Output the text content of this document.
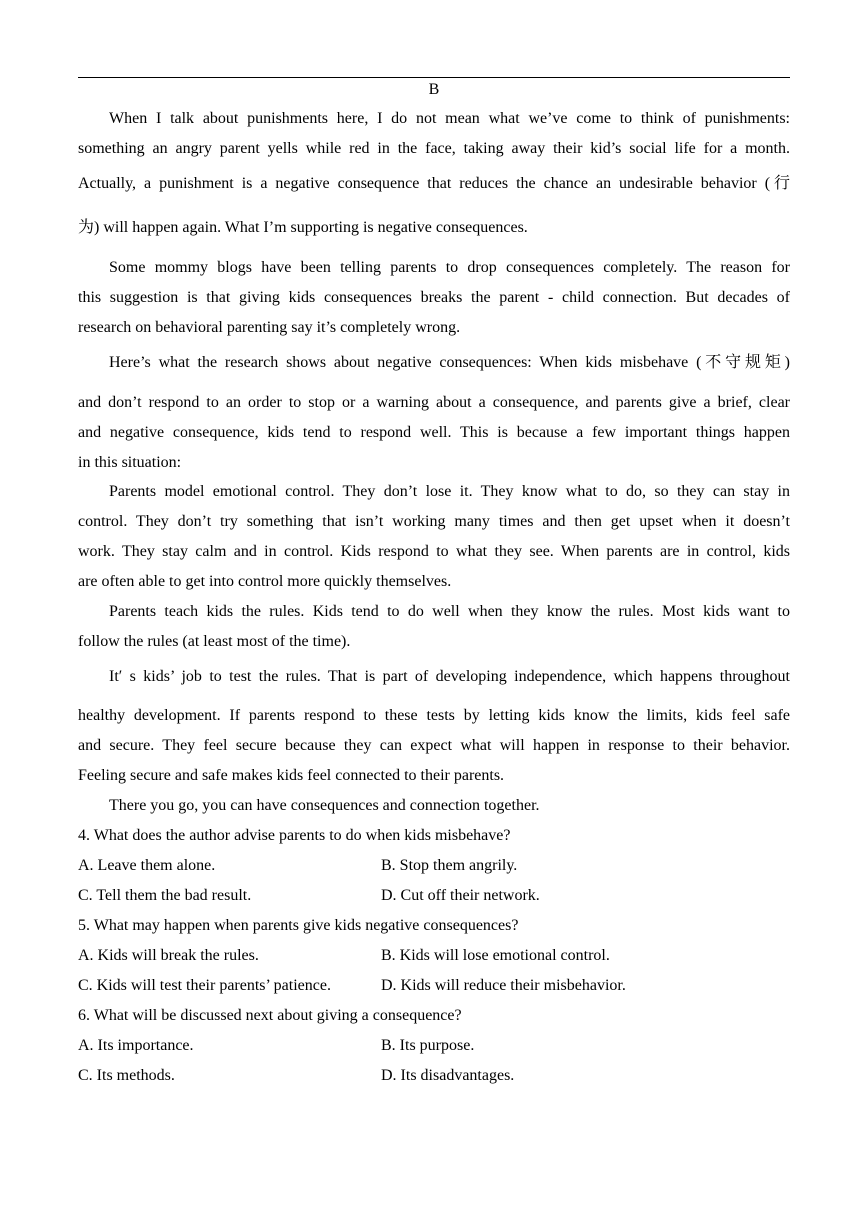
B
When I talk about punishments here, I do not mean what we’ve come to think of punishments:
something an angry parent yells while red in the face, taking away their kid’s social life for a month.
Actually, a punishment is a negative consequence that reduces the chance an undesirable behavior (行
为) will happen again. What I’m supporting is negative consequences.
Some mommy blogs have been telling parents to drop consequences completely. The reason for
this suggestion is that giving kids consequences breaks the parent - child connection. But decades of
research on behavioral parenting say it’s completely wrong.
Here’s what the research shows about negative consequences: When kids misbehave (不守规矩)
and don’t respond to an order to stop or a warning about a consequence, and parents give a brief, clear
and negative consequence, kids tend to respond well. This is because a few important things happen
in this situation:
Parents model emotional control. They don’t lose it. They know what to do, so they can stay in
control. They don’t try something that isn’t working many times and then get upset when it doesn’t
work. They stay calm and in control. Kids respond to what they see. When parents are in control, kids
are often able to get into control more quickly themselves.
Parents teach kids the rules. Kids tend to do well when they know the rules. Most kids want to
follow the rules (at least most of the time).
It′ s kids’ job to test the rules. That is part of developing independence, which happens throughout
healthy development. If parents respond to these tests by letting kids know the limits, kids feel safe
and secure. They feel secure because they can expect what will happen in response to their behavior.
Feeling secure and safe makes kids feel connected to their parents.
There you go, you can have consequences and connection together.
4. What does the author advise parents to do when kids misbehave?
A. Leave them alone.	B. Stop them angrily.
C. Tell them the bad result.	D. Cut off their network.
5. What may happen when parents give kids negative consequences?
A. Kids will break the rules.	B. Kids will lose emotional control.
C. Kids will test their parents’ patience.	D. Kids will reduce their misbehavior.
6. What will be discussed next about giving a consequence?
A. Its importance.	B. Its purpose.
C. Its methods.	D. Its disadvantages.
